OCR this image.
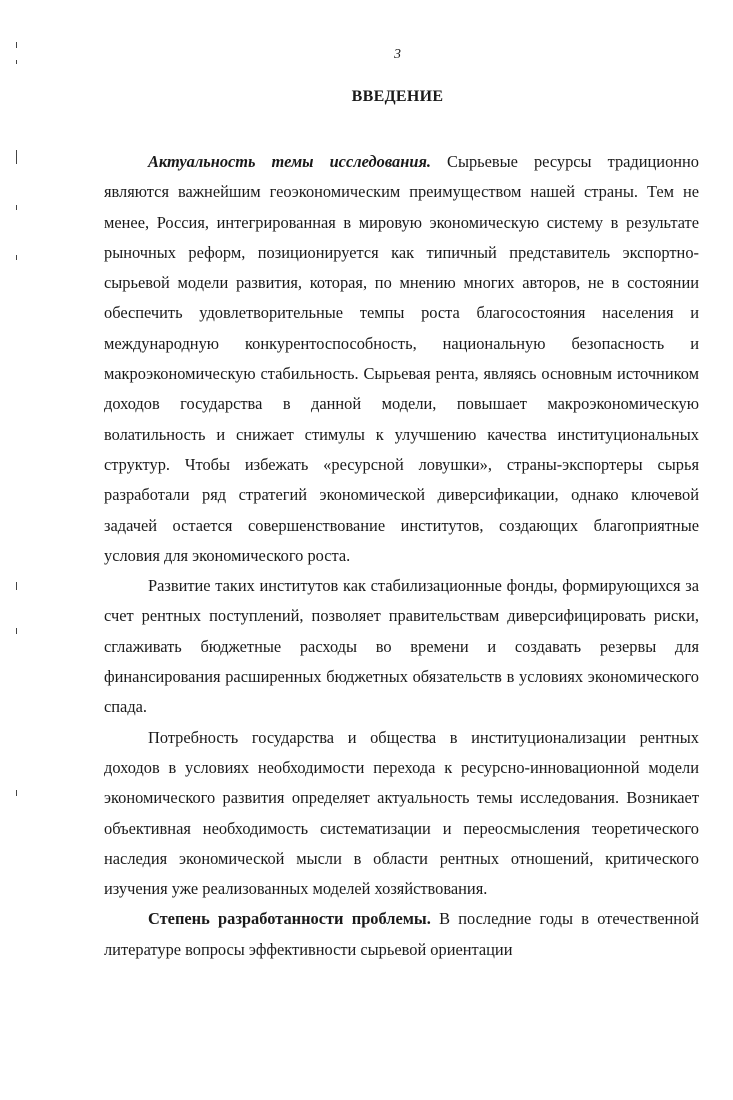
3
ВВЕДЕНИЕ

Актуальность темы исследования. Сырьевые ресурсы традиционно являются важнейшим геоэкономическим преимуществом нашей страны. Тем не менее, Россия, интегрированная в мировую экономическую систему в результате рыночных реформ, позиционируется как типичный представитель экспортно-сырьевой модели развития, которая, по мнению многих авторов, не в состоянии обеспечить удовлетворительные темпы роста благосостояния населения и международную конкурентоспособность, национальную безопасность и макроэкономическую стабильность. Сырьевая рента, являясь основным источником доходов государства в данной модели, повышает макроэкономическую волатильность и снижает стимулы к улучшению качества институциональных структур. Чтобы избежать «ресурсной ловушки», страны-экспортеры сырья разработали ряд стратегий экономической диверсификации, однако ключевой задачей остается совершенствование институтов, создающих благоприятные условия для экономического роста.

Развитие таких институтов как стабилизационные фонды, формирующихся за счет рентных поступлений, позволяет правительствам диверсифицировать риски, сглаживать бюджетные расходы во времени и создавать резервы для финансирования расширенных бюджетных обязательств в условиях экономического спада.

Потребность государства и общества в институционализации рентных доходов в условиях необходимости перехода к ресурсно-инновационной модели экономического развития определяет актуальность темы исследования. Возникает объективная необходимость систематизации и переосмысления теоретического наследия экономической мысли в области рентных отношений, критического изучения уже реализованных моделей хозяйствования.

Степень разработанности проблемы. В последние годы в отечественной литературе вопросы эффективности сырьевой ориентации
